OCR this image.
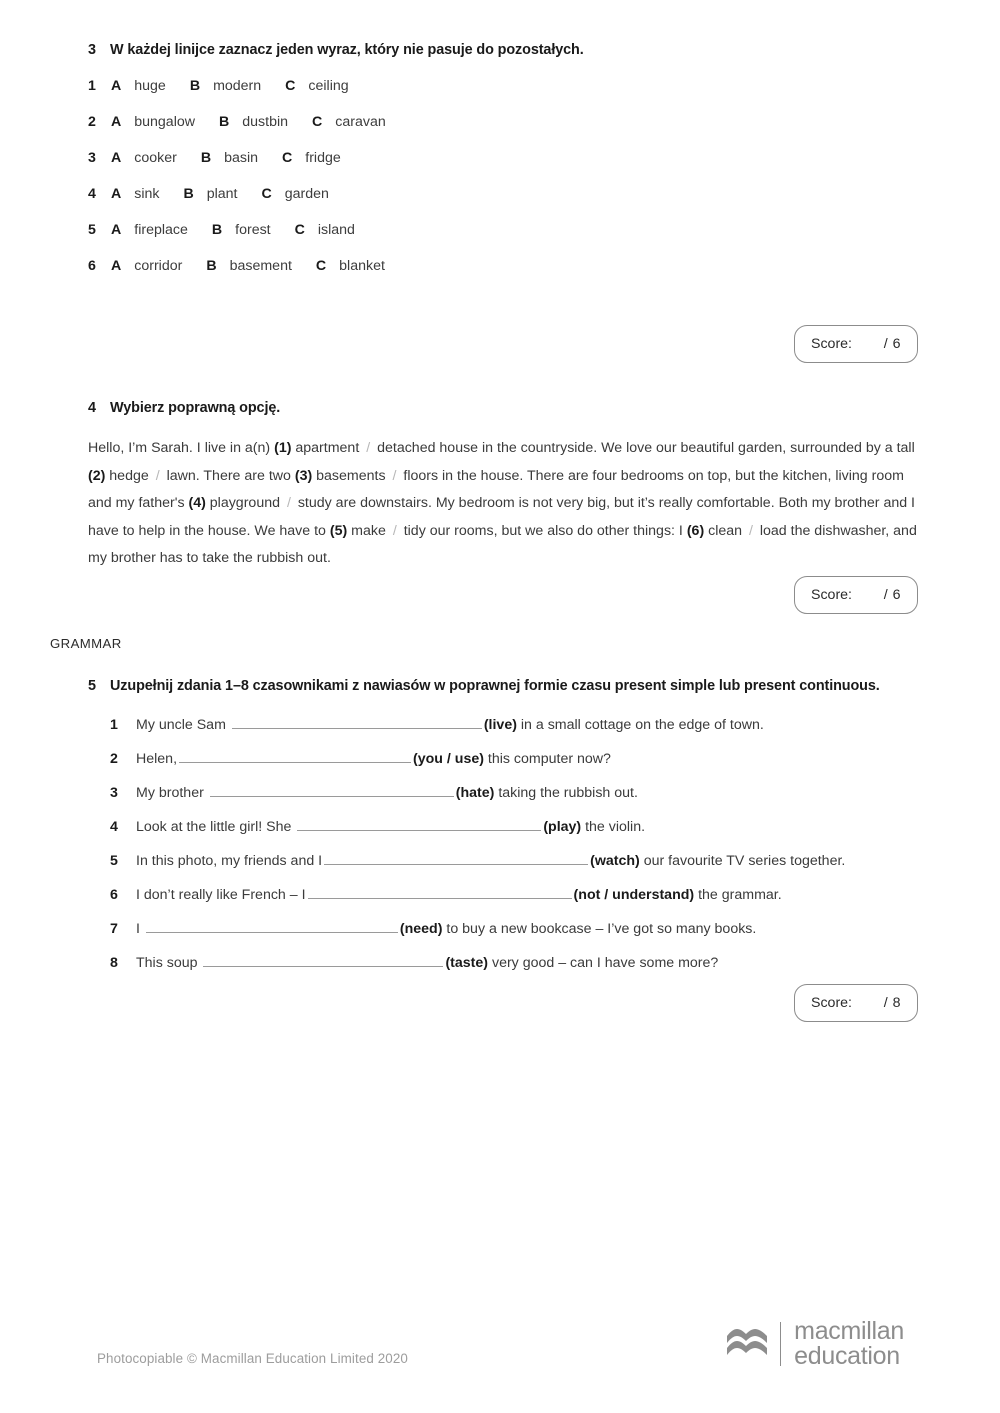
3 W każdej linijce zaznacz jeden wyraz, który nie pasuje do pozostałych.
1	A huge B modern C ceiling
2	A bungalow B dustbin C caravan
3	A cooker B basin C fridge
4	A sink B plant C garden
5	A fireplace B forest C island
6	A corridor B basement C blanket
Score: / 6
4 Wybierz poprawną opcję.
Hello, I’m Sarah. I live in a(n) (1) apartment / detached house in the countryside. We love our beautiful garden, surrounded by a tall (2) hedge / lawn. There are two (3) basements / floors in the house. There are four bedrooms on top, but the kitchen, living room and my father's (4) playground / study are downstairs. My bedroom is not very big, but it’s really comfortable. Both my brother and I have to help in the house. We have to (5) make / tidy our rooms, but we also do other things: I (6) clean / load the dishwasher, and my brother has to take the rubbish out.
Score: / 6
GRAMMAR
5 Uzupełnij zdania 1–8 czasownikami z nawiasów w poprawnej formie czasu present simple lub present continuous.
1	My uncle Sam	(live) in a small cottage on the edge of town.
2	Helen,	(you / use) this computer now?
3	My brother	(hate) taking the rubbish out.
4	Look at the little girl! She	(play) the violin.
5	In this photo, my friends and I	(watch) our favourite TV series together.
6	I don’t really like French – I	(not / understand) the grammar.
7	I	(need) to buy a new bookcase – I’ve got so many books.
8	This soup	(taste) very good – can I have some more?
Score: / 8
Photocopiable © Macmillan Education Limited 2020
macmillan
education
